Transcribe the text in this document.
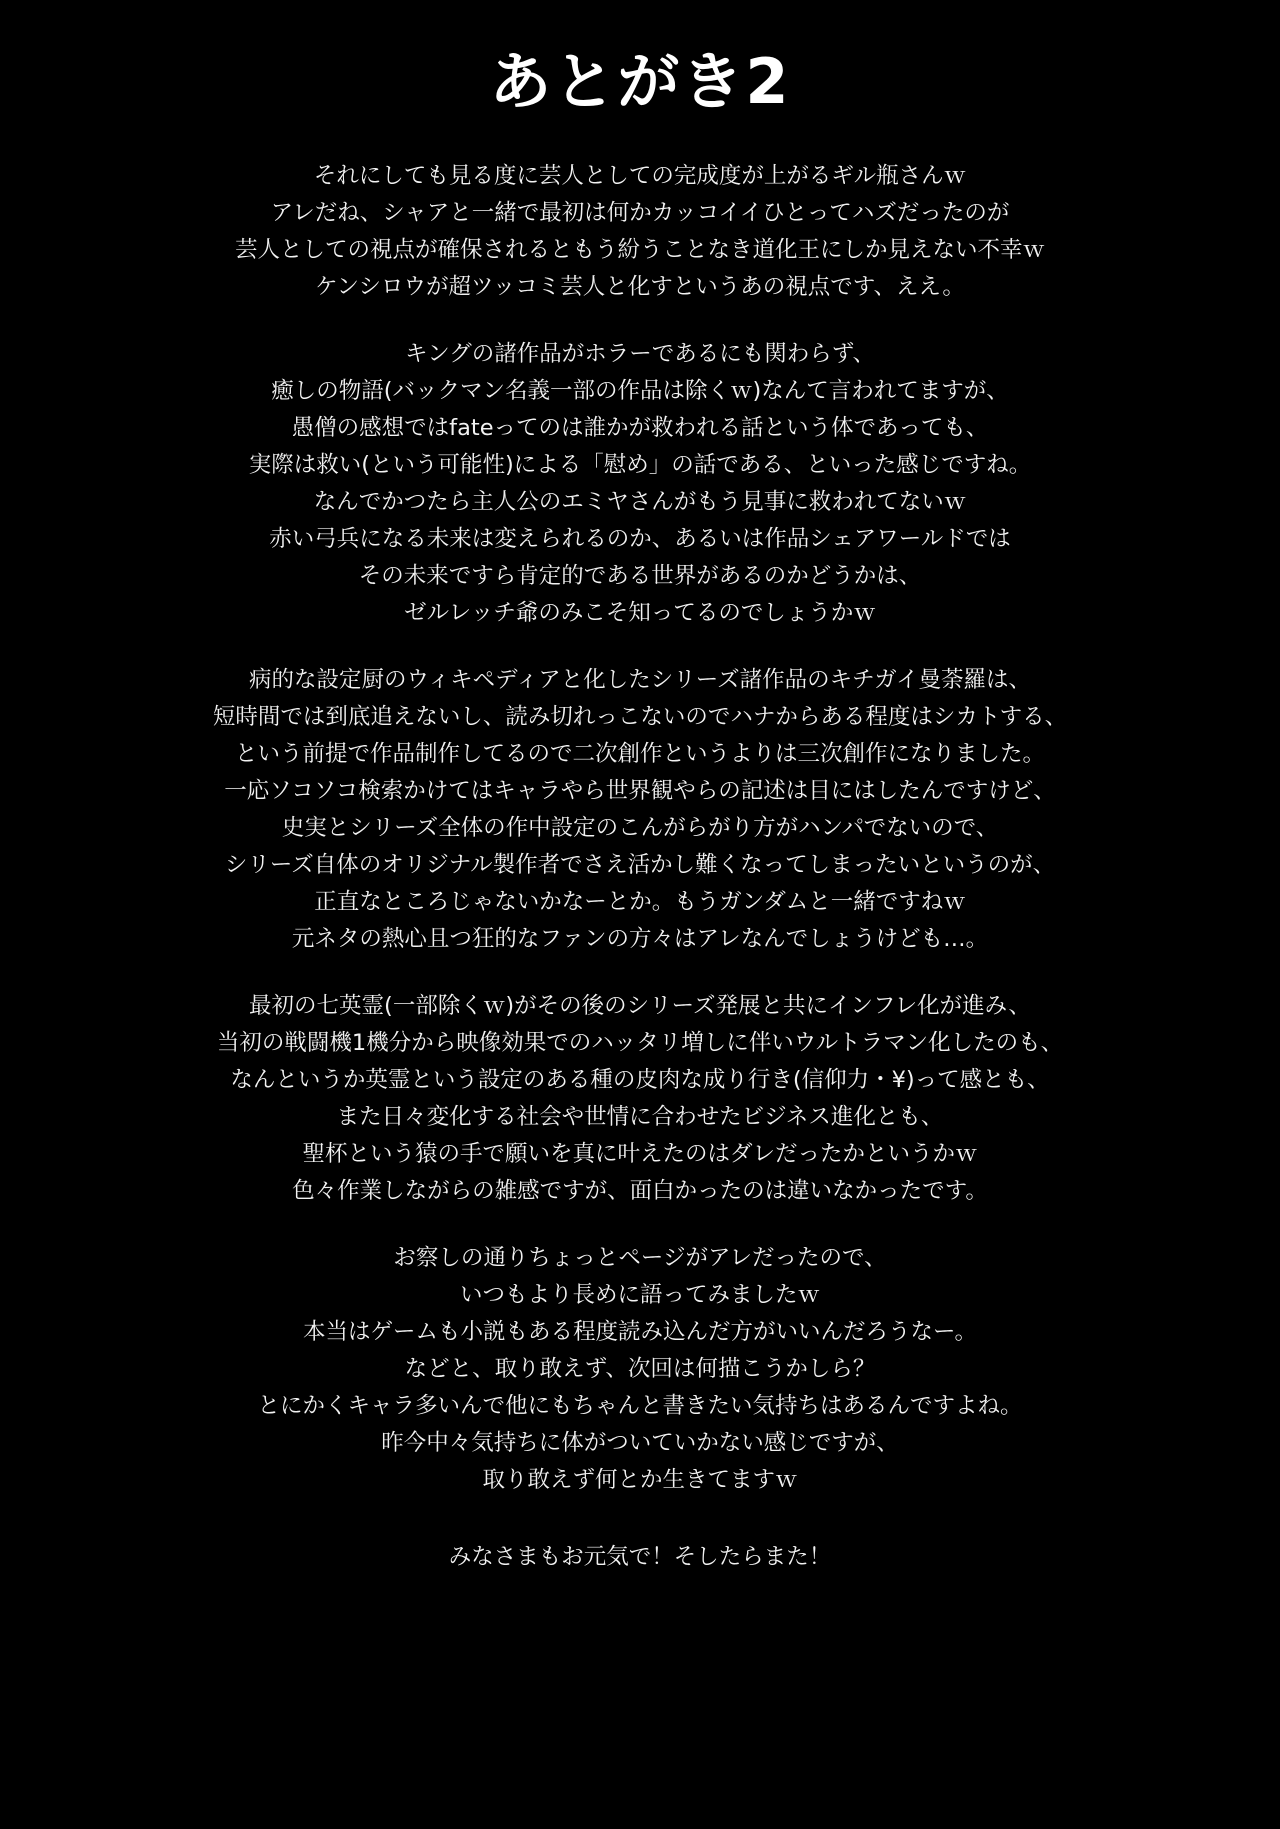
あとがき2
それにしても見る度に芸人としての完成度が上がるギル瓶さんｗ
アレだね、シャアと一緒で最初は何かカッコイイひとってハズだったのが
芸人としての視点が確保されるともう紛うことなき道化王にしか見えない不幸ｗ
ケンシロウが超ツッコミ芸人と化すというあの視点です、ええ。
キングの諸作品がホラーであるにも関わらず、
癒しの物語(バックマン名義一部の作品は除くｗ)なんて言われてますが、
愚僧の感想ではfateってのは誰かが救われる話という体であっても、
実際は救い(という可能性)による「慰め」の話である、といった感じですね。
なんでかつたら主人公のエミヤさんがもう見事に救われてないｗ
赤い弓兵になる未来は変えられるのか、あるいは作品シェアワールドでは
その未来ですら肯定的である世界があるのかどうかは、
ゼルレッチ爺のみこそ知ってるのでしょうかｗ
病的な設定厨のウィキペディアと化したシリーズ諸作品のキチガイ曼荼羅は、
短時間では到底追えないし、読み切れっこないのでハナからある程度はシカトする、
という前提で作品制作してるので二次創作というよりは三次創作になりました。
一応ソコソコ検索かけてはキャラやら世界観やらの記述は目にはしたんですけど、
史実とシリーズ全体の作中設定のこんがらがり方がハンパでないので、
シリーズ自体のオリジナル製作者でさえ活かし難くなってしまったいというのが、
正直なところじゃないかなーとか。もうガンダムと一緒ですねｗ
元ネタの熱心且つ狂的なファンの方々はアレなんでしょうけども…。
最初の七英霊(一部除くｗ)がその後のシリーズ発展と共にインフレ化が進み、
当初の戦闘機1機分から映像効果でのハッタリ増しに伴いウルトラマン化したのも、
なんというか英霊という設定のある種の皮肉な成り行き(信仰力・¥)って感とも、
また日々変化する社会や世情に合わせたビジネス進化とも、
聖杯という猿の手で願いを真に叶えたのはダレだったかというかｗ
色々作業しながらの雑感ですが、面白かったのは違いなかったです。
お察しの通りちょっとページがアレだったので、
いつもより長めに語ってみましたｗ
本当はゲームも小説もある程度読み込んだ方がいいんだろうなー。
などと、取り敢えず、次回は何描こうかしら？
とにかくキャラ多いんで他にもちゃんと書きたい気持ちはあるんですよね。
昨今中々気持ちに体がついていかない感じですが、
取り敢えず何とか生きてますｗ
みなさまもお元気で！そしたらまた！
